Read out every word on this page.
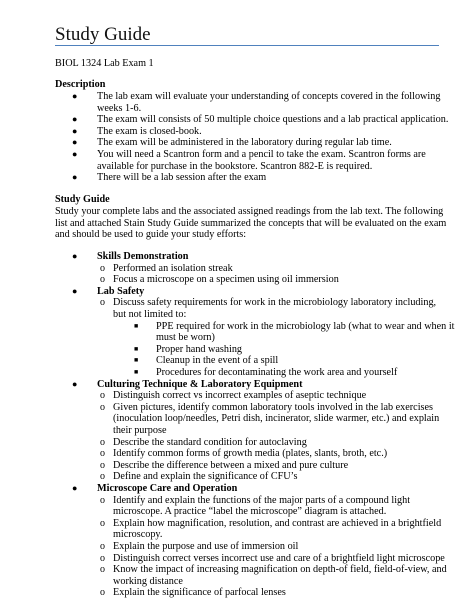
Study Guide
BIOL 1324 Lab Exam 1
Description
● The lab exam will evaluate your understanding of concepts covered in the following
weeks 1-6.
● The exam will consists of 50 multiple choice questions and a lab practical application.
● The exam is closed-book.
● The exam will be administered in the laboratory during regular lab time.
● You will need a Scantron form and a pencil to take the exam. Scantron forms are
available for purchase in the bookstore. Scantron 882-E is required.
● There will be a lab session after the exam
Study Guide
Study your complete labs and the associated assigned readings from the lab text. The following
list and attached Stain Study Guide summarized the concepts that will be evaluated on the exam
and should be used to guide your study efforts:
● Skills Demonstration
o Performed an isolation streak
o Focus a microscope on a specimen using oil immersion
● Lab Safety
o Discuss safety requirements for work in the microbiology laboratory including,
but not limited to:
■ PPE required for work in the microbiology lab (what to wear and when it
must be worn)
■ Proper hand washing
■ Cleanup in the event of a spill
■ Procedures for decontaminating the work area and yourself
● Culturing Technique & Laboratory Equipment
o Distinguish correct vs incorrect examples of aseptic technique
o Given pictures, identify common laboratory tools involved in the lab exercises
(inoculation loop/needles, Petri dish, incinerator, slide warmer, etc.) and explain
their purpose
o Describe the standard condition for autoclaving
o Identify common forms of growth media (plates, slants, broth, etc.)
o Describe the difference between a mixed and pure culture
o Define and explain the significance of CFU’s
● Microscope Care and Operation
o Identify and explain the functions of the major parts of a compound light
microscope. A practice “label the microscope” diagram is attached.
o Explain how magnification, resolution, and contrast are achieved in a brightfield
microscopy.
o Explain the purpose and use of immersion oil
o Distinguish correct verses incorrect use and care of a brightfield light microscope
o Know the impact of increasing magnification on depth-of field, field-of-view, and
working distance
o Explain the significance of parfocal lenses
